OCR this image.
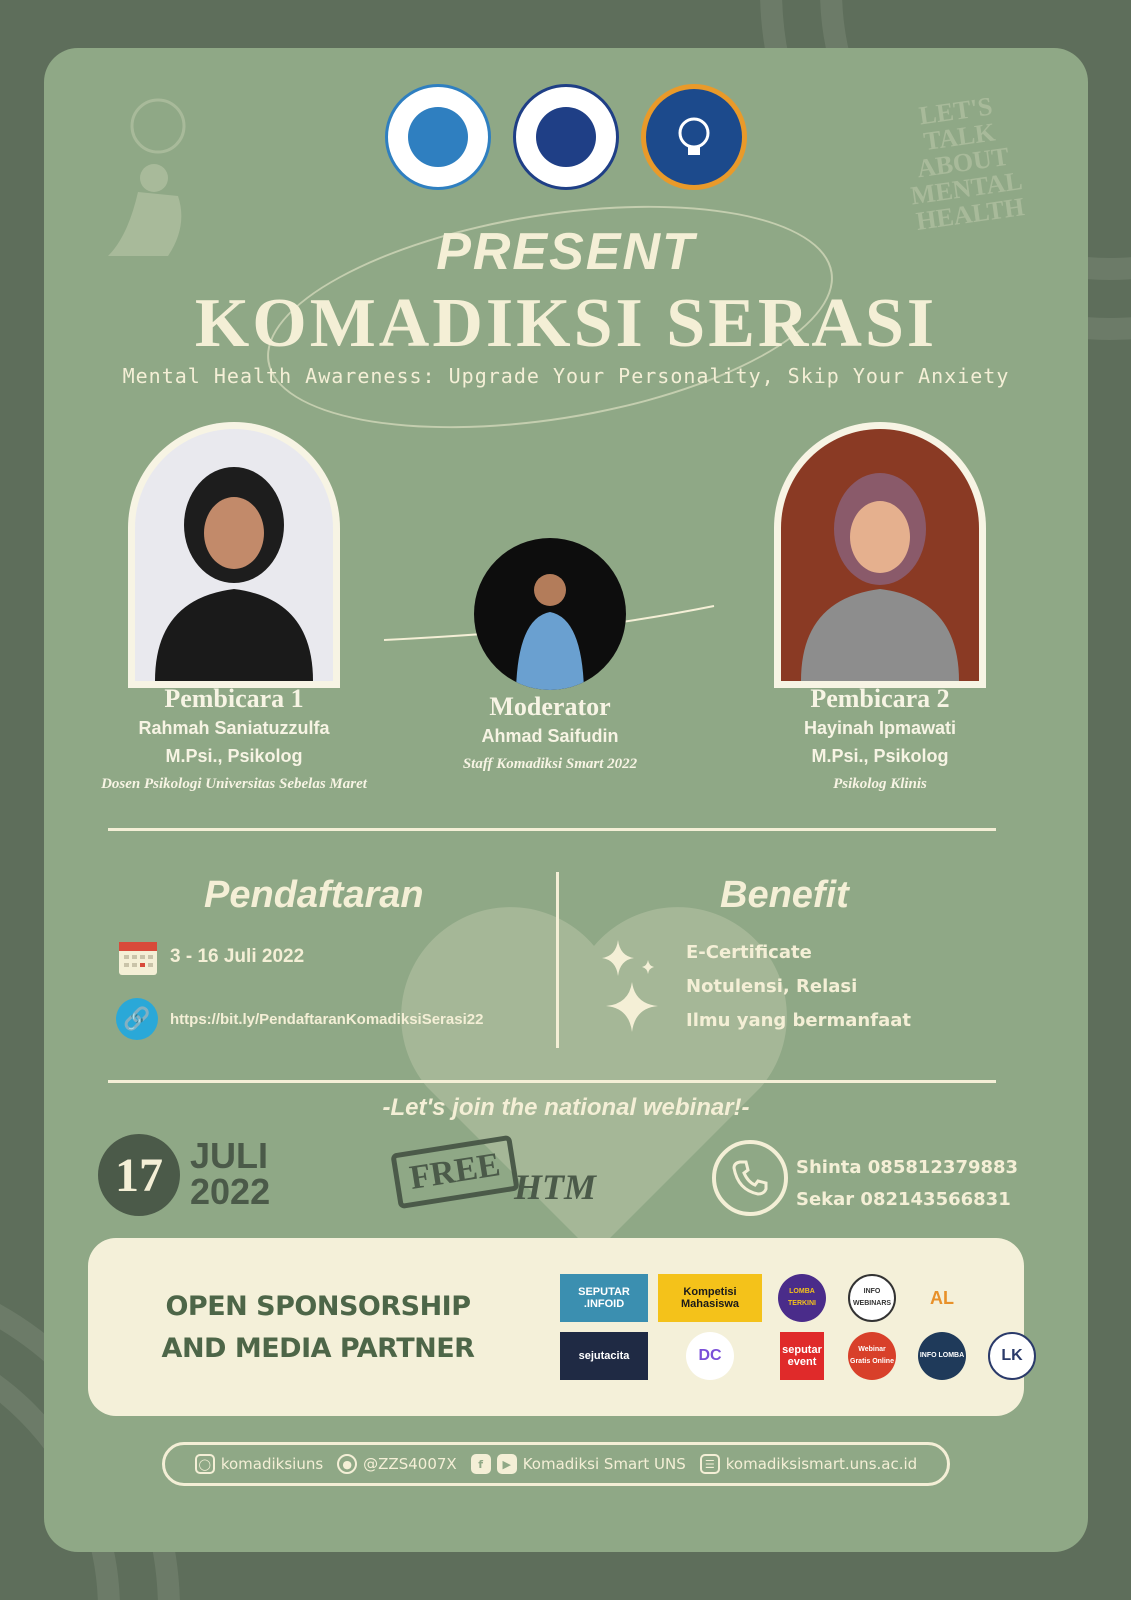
LET'S TALK ABOUT MENTAL HEALTH
PRESENT
KOMADIKSI SERASI
Mental Health Awareness: Upgrade Your Personality, Skip Your Anxiety
Pembicara 1
Rahmah Saniatuzzulfa
M.Psi., Psikolog
Dosen Psikologi Universitas Sebelas Maret
Moderator
Ahmad Saifudin
Staff Komadiksi Smart 2022
Pembicara 2
Hayinah Ipmawati
M.Psi., Psikolog
Psikolog Klinis
Pendaftaran
3 - 16 Juli 2022
🔗	https://bit.ly/PendaftaranKomadiksiSerasi22
Benefit
E-Certificate
Notulensi, Relasi
Ilmu yang bermanfaat
-Let's join the national webinar!-
17 JULI
2022	FREE HTM	Shinta 085812379883
Sekar 082143566831
OPEN SPONSORSHIP
AND MEDIA PARTNER
SEPUTAR .INFOID
Kompetisi Mahasiswa
LOMBA TERKINI
INFO WEBINARS	AL
sejutacita	DC	seputar event
Webinar Gratis Online
INFO LOMBA	LK
◯ komadiksiuns	● @ZZS4007X	f	▶ Komadiksi Smart UNS	☰ komadiksismart.uns.ac.id
